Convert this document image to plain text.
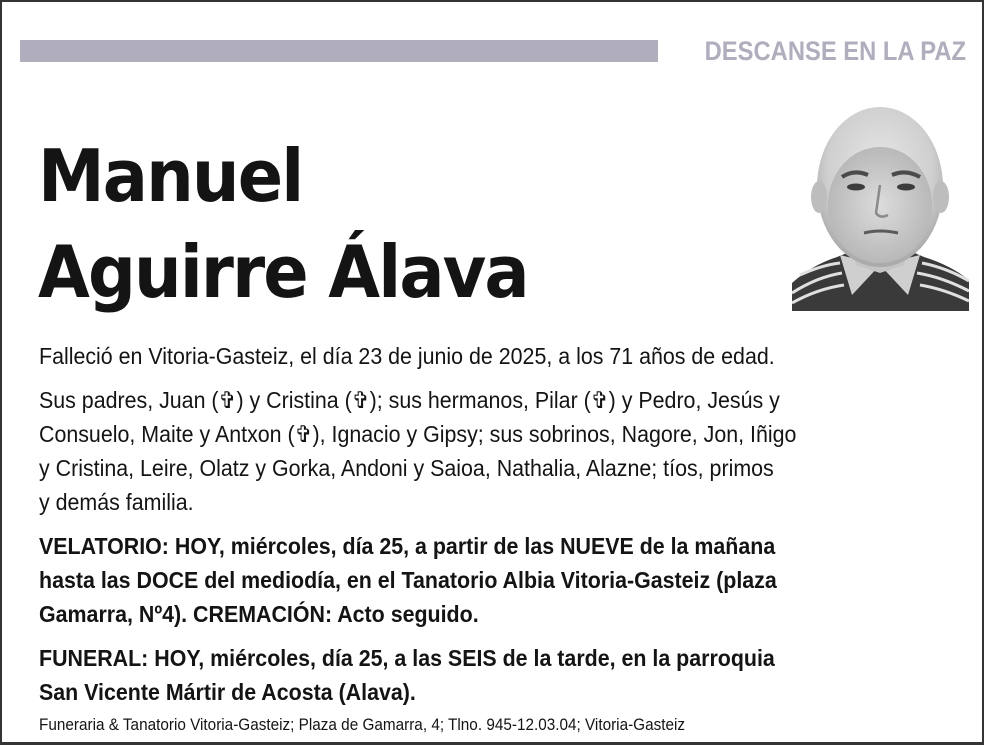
DESCANSE EN LA PAZ
Manuel
Aguirre Álava
Falleció en Vitoria-Gasteiz, el día 23 de junio de 2025, a los 71 años de edad.
Sus padres, Juan (✞) y Cristina (✞); sus hermanos, Pilar (✞) y Pedro, Jesús y
Consuelo, Maite y Antxon (✞), Ignacio y Gipsy; sus sobrinos, Nagore, Jon, Iñigo
y Cristina, Leire, Olatz y Gorka, Andoni y Saioa, Nathalia, Alazne; tíos, primos
y demás familia.
VELATORIO: HOY, miércoles, día 25, a partir de las NUEVE de la mañana
hasta las DOCE del mediodía, en el Tanatorio Albia Vitoria-Gasteiz (plaza
Gamarra, Nº4). CREMACIÓN: Acto seguido.
FUNERAL: HOY, miércoles, día 25, a las SEIS de la tarde, en la parroquia
San Vicente Mártir de Acosta (Alava).
Funeraria & Tanatorio Vitoria-Gasteiz; Plaza de Gamarra, 4; Tlno. 945-12.03.04; Vitoria-Gasteiz
